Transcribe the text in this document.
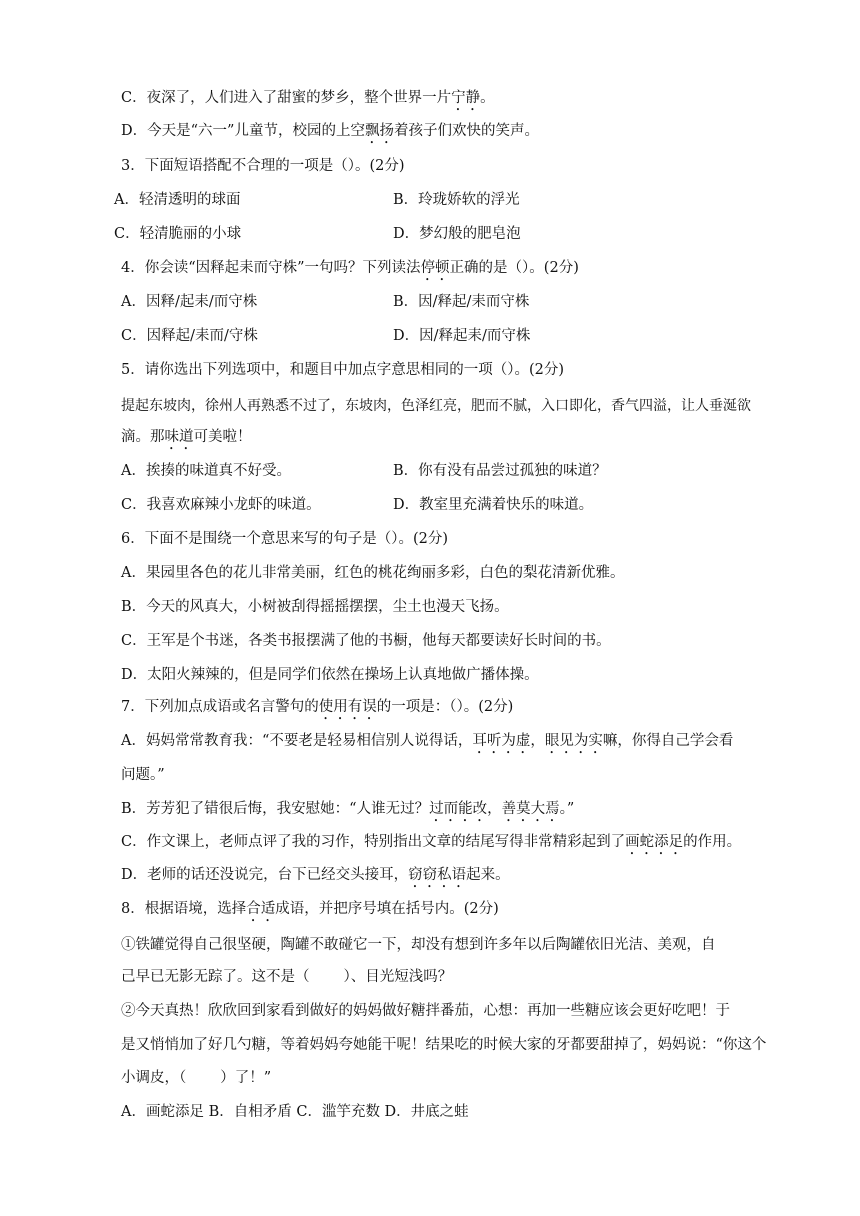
C．夜深了，人们进入了甜蜜的梦乡，整个世界一片宁静。
D．今天是“六一”儿童节，校园的上空飘扬着孩子们欢快的笑声。
3．下面短语搭配不合理的一项是（）。(2分)
A．轻清透明的球面	B．玲珑娇软的浮光
C．轻清脆丽的小球	D．梦幻般的肥皂泡
4．你会读“因释起耒而守株”一句吗？下列读法停顿正确的是（）。(2分)
A．因释/起耒/而守株	B．因/释起/耒而守株
C．因释起/耒而/守株	D．因/释起耒/而守株
5．请你选出下列选项中，和题目中加点字意思相同的一项（）。(2分)
提起东坡肉，徐州人再熟悉不过了，东坡肉，色泽红亮，肥而不腻，入口即化，香气四溢，让人垂涎欲
滴。那味道可美啦！
A．挨揍的味道真不好受。	B．你有没有品尝过孤独的味道？
C．我喜欢麻辣小龙虾的味道。	D．教室里充满着快乐的味道。
6．下面不是围绕一个意思来写的句子是（）。(2分)
A．果园里各色的花儿非常美丽，红色的桃花绚丽多彩，白色的梨花清新优雅。
B．今天的风真大，小树被刮得摇摇摆摆，尘土也漫天飞扬。
C．王军是个书迷，各类书报摆满了他的书橱，他每天都要读好长时间的书。
D．太阳火辣辣的，但是同学们依然在操场上认真地做广播体操。
7．下列加点成语或名言警句的使用有误的一项是：（）。(2分)
A．妈妈常常教育我：“不要老是轻易相信别人说得话，耳听为虚，眼见为实嘛，你得自己学会看
问题。”
B．芳芳犯了错很后悔，我安慰她：“人谁无过？过而能改，善莫大焉。”
C．作文课上，老师点评了我的习作，特别指出文章的结尾写得非常精彩起到了画蛇添足的作用。
D．老师的话还没说完，台下已经交头接耳，窃窃私语起来。
8．根据语境，选择合适成语，并把序号填在括号内。(2分)
①铁罐觉得自己很坚硬，陶罐不敢碰它一下，却没有想到许多年以后陶罐依旧光洁、美观，自
己早已无影无踪了。这不是（ ）、目光短浅吗？
②今天真热！欣欣回到家看到做好的妈妈做好糖拌番茄，心想：再加一些糖应该会更好吃吧！于
是又悄悄加了好几勺糖，等着妈妈夸她能干呢！结果吃的时候大家的牙都要甜掉了，妈妈说：“你这个
小调皮，（ ）了！”
A．画蛇添足 B．自相矛盾 C．滥竽充数 D．井底之蛙
